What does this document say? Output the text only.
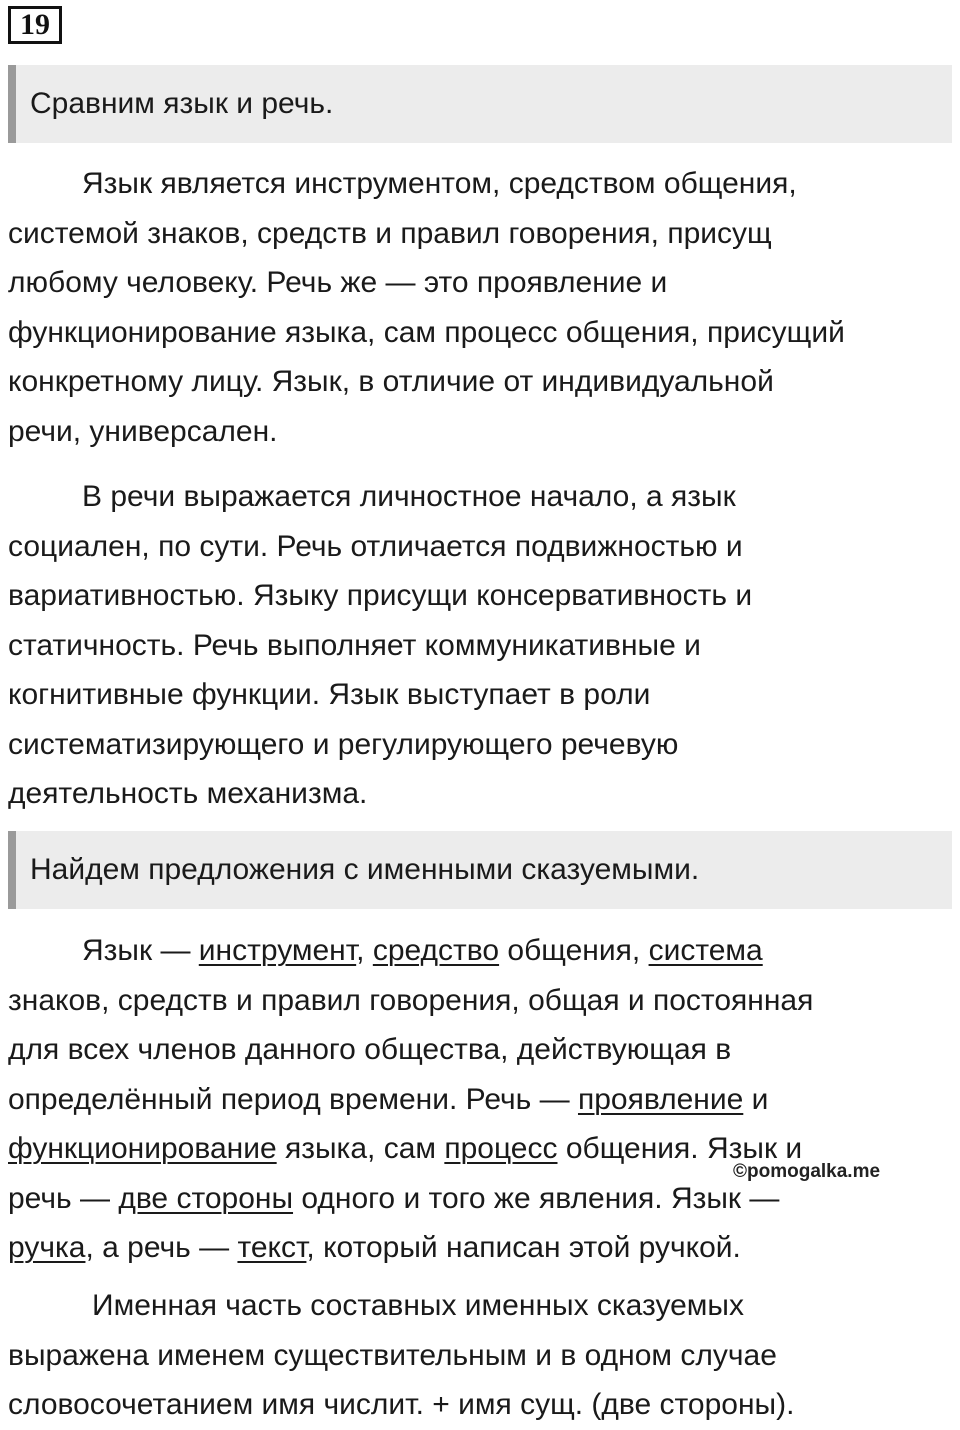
19
Сравним язык и речь.
Язык является инструментом, средством общения,
системой знаков, средств и правил говорения, присущ
любому человеку. Речь же — это проявление и
функционирование языка, сам процесс общения, присущий
конкретному лицу. Язык, в отличие от индивидуальной
речи, универсален.
В речи выражается личностное начало, а язык
социален, по сути. Речь отличается подвижностью и
вариативностью. Языку присущи консервативность и
статичность. Речь выполняет коммуникативные и
когнитивные функции. Язык выступает в роли
систематизирующего и регулирующего речевую
деятельность механизма.
Найдем предложения с именными сказуемыми.
Язык — инструмент, средство общения, система
знаков, средств и правил говорения, общая и постоянная
для всех членов данного общества, действующая в
определённый период времени. Речь — проявление и
функционирование языка, сам процесс общения. Язык и
речь — две стороны одного и того же явления. Язык —
ручка, а речь — текст, который написан этой ручкой.
©pomogalka.me
Именная часть составных именных сказуемых
выражена именем существительным и в одном случае
словосочетанием имя числит. + имя сущ. (две стороны).
